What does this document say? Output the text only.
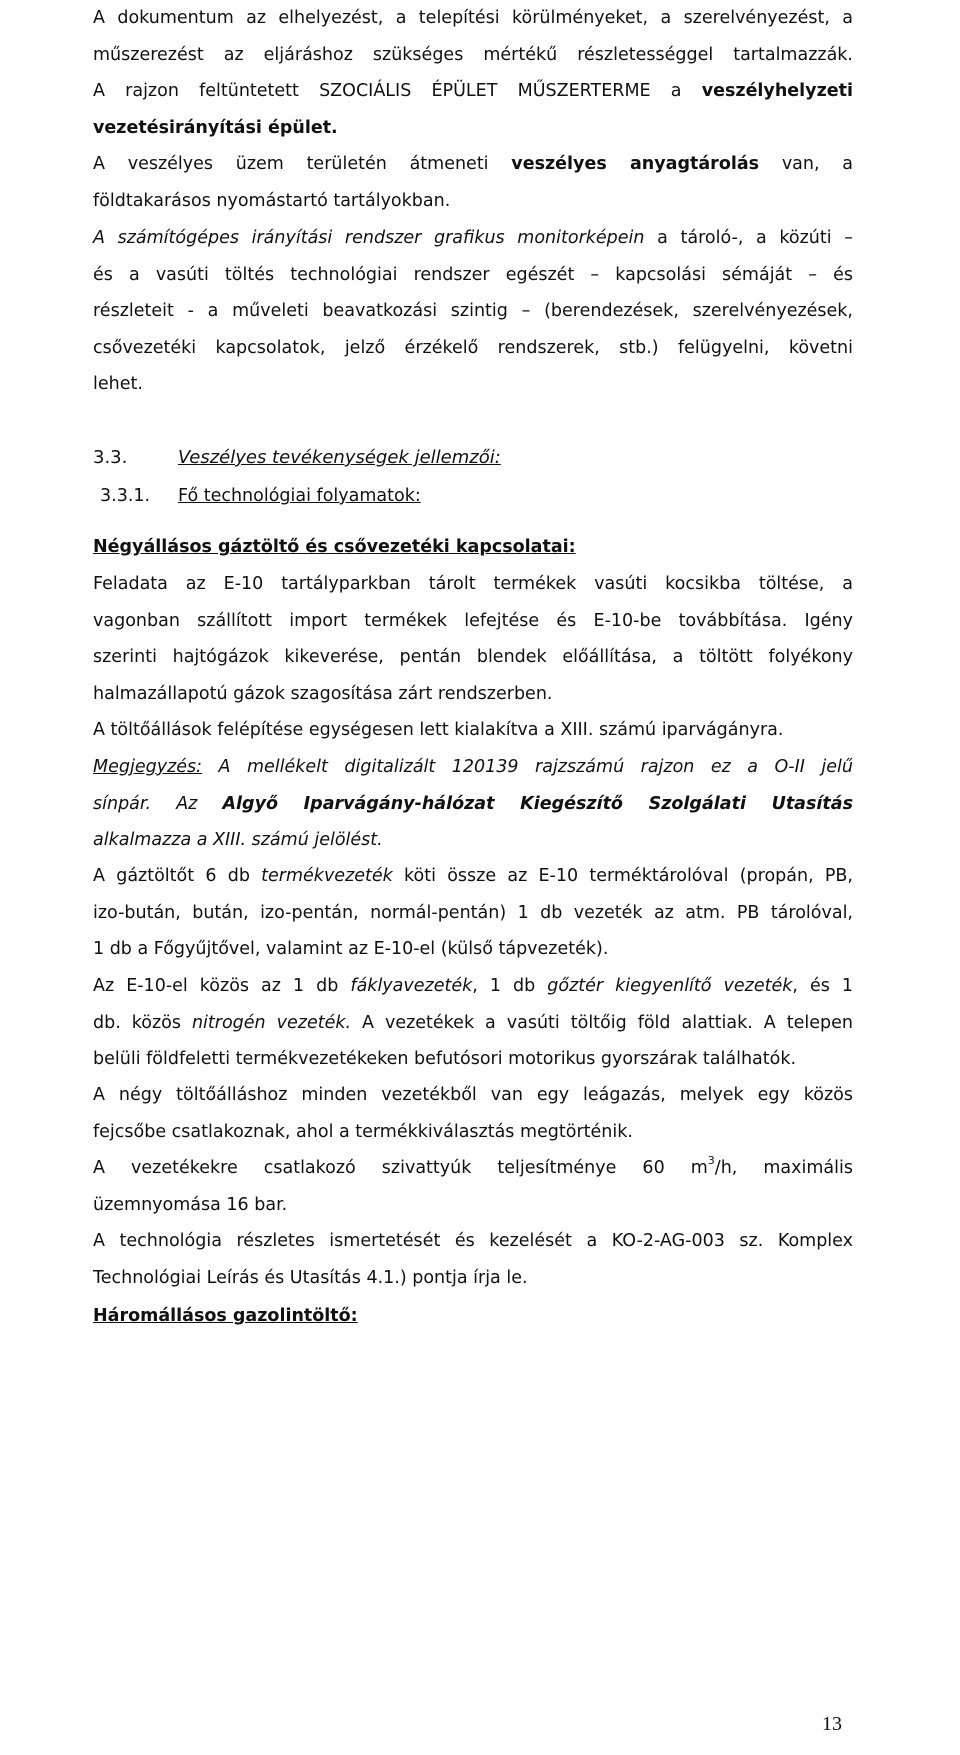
A dokumentum az elhelyezést, a telepítési körülményeket, a szerelvényezést, a
műszerezést az eljáráshoz szükséges mértékű részletességgel tartalmazzák.
A rajzon feltüntetett SZOCIÁLIS ÉPÜLET MŰSZERTERME a veszélyhelyzeti
vezetésirányítási épület.
A veszélyes üzem területén átmeneti veszélyes anyagtárolás van, a
földtakarásos nyomástartó tartályokban.
A számítógépes irányítási rendszer grafikus monitorképein a tároló-, a közúti –
és a vasúti töltés technológiai rendszer egészét – kapcsolási sémáját – és
részleteit - a műveleti beavatkozási szintig – (berendezések, szerelvényezések,
csővezetéki kapcsolatok, jelző érzékelő rendszerek, stb.) felügyelni, követni
lehet.
Négyállásos gáztöltő és csővezetéki kapcsolatai:
Feladata az E-10 tartályparkban tárolt termékek vasúti kocsikba töltése, a
vagonban szállított import termékek lefejtése és E-10-be továbbítása. Igény
szerinti hajtógázok kikeverése, pentán blendek előállítása, a töltött folyékony
halmazállapotú gázok szagosítása zárt rendszerben.
A töltőállások felépítése egységesen lett kialakítva a XIII. számú iparvágányra.
Megjegyzés: A mellékelt digitalizált 120139 rajzszámú rajzon ez a O-II jelű
sínpár. Az Algyő Iparvágány-hálózat Kiegészítő Szolgálati Utasítás
alkalmazza a XIII. számú jelölést.
A gáztöltőt 6 db termékvezeték köti össze az E-10 terméktárolóval (propán, PB,
izo-bután, bután, izo-pentán, normál-pentán) 1 db vezeték az atm. PB tárolóval,
1 db a Főgyűjtővel, valamint az E-10-el (külső tápvezeték).
Az E-10-el közös az 1 db fáklyavezeték, 1 db gőztér kiegyenlítő vezeték, és 1
db. közös nitrogén vezeték. A vezetékek a vasúti töltőig föld alattiak. A telepen
belüli földfeletti termékvezetékeken befutósori motorikus gyorszárak találhatók.
A négy töltőálláshoz minden vezetékből van egy leágazás, melyek egy közös
fejcsőbe csatlakoznak, ahol a termékkiválasztás megtörténik.
A vezetékekre csatlakozó szivattyúk teljesítménye 60 $m^3/h$, maximális
üzemnyomása 16 bar.
A technológia részletes ismertetését és kezelését a KO-2-AG-003 sz. Komplex
Technológiai Leírás és Utasítás 4.1.) pontja írja le.
Háromállásos gazolintöltő:
13
3.3.	Veszélyes tevékenységek jellemzői:
3.3.1. Fő technológiai folyamatok:
